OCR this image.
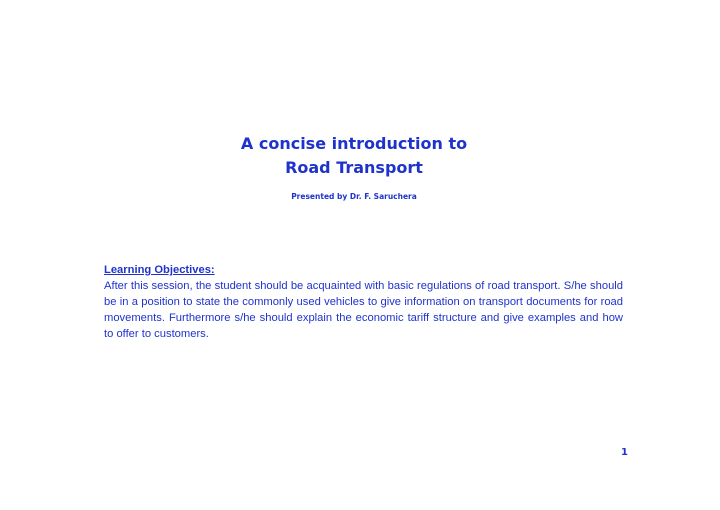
A concise introduction to
Road Transport
Presented by Dr. F. Saruchera
Learning Objectives:

After this session, the student should be acquainted with basic regulations of road transport. S/he should be in a position to state the commonly used vehicles to give information on transport documents for road movements. Furthermore s/he should explain the economic tariff structure and give examples and how to offer to customers.

1
